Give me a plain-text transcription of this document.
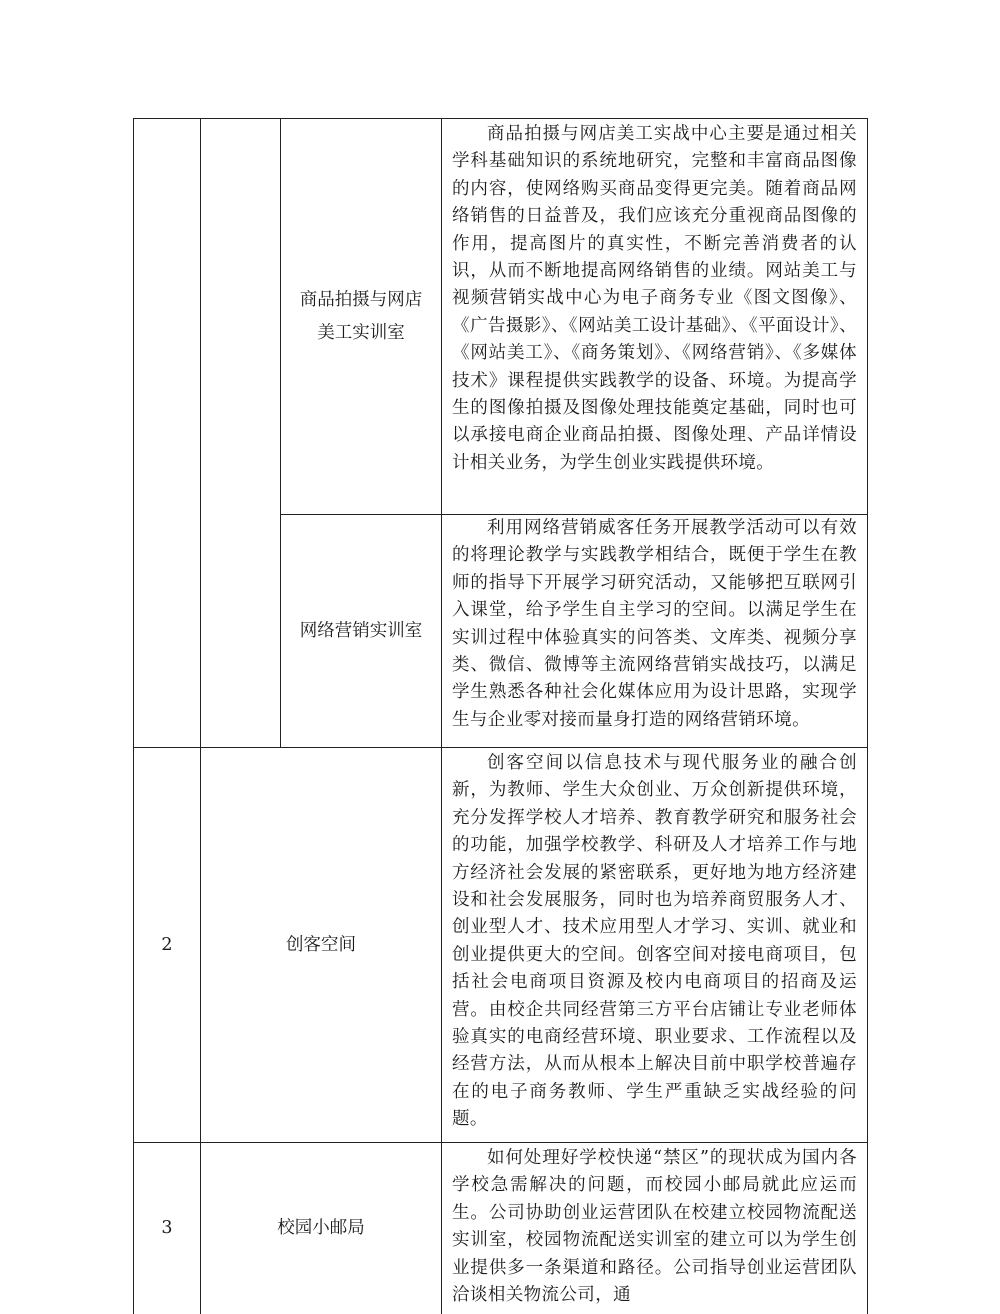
商品拍摄与网店
美工实训室

商品拍摄与网店美工实战中心主要是通过相关学科基础知识的系统地研究，完整和丰富商品图像的内容，使网络购买商品变得更完美。随着商品网络销售的日益普及，我们应该充分重视商品图像的作用，提高图片的真实性，不断完善消费者的认识，从而不断地提高网络销售的业绩。网站美工与视频营销实战中心为电子商务专业《图文图像》、《广告摄影》、《网站美工设计基础》、《平面设计》、《网站美工》、《商务策划》、《网络营销》、《多媒体技术》课程提供实践教学的设备、环境。为提高学生的图像拍摄及图像处理技能奠定基础，同时也可以承接电商企业商品拍摄、图像处理、产品详情设计相关业务，为学生创业实践提供环境。

网络营销实训室

利用网络营销威客任务开展教学活动可以有效的将理论教学与实践教学相结合，既便于学生在教师的指导下开展学习研究活动，又能够把互联网引入课堂，给予学生自主学习的空间。以满足学生在实训过程中体验真实的问答类、文库类、视频分享类、微信、微博等主流网络营销实战技巧，以满足学生熟悉各种社会化媒体应用为设计思路，实现学生与企业零对接而量身打造的网络营销环境。

2	创客空间

创客空间以信息技术与现代服务业的融合创新，为教师、学生大众创业、万众创新提供环境，充分发挥学校人才培养、教育教学研究和服务社会的功能，加强学校教学、科研及人才培养工作与地方经济社会发展的紧密联系，更好地为地方经济建设和社会发展服务，同时也为培养商贸服务人才、创业型人才、技术应用型人才学习、实训、就业和创业提供更大的空间。创客空间对接电商项目，包括社会电商项目资源及校内电商项目的招商及运营。由校企共同经营第三方平台店铺让专业老师体验真实的电商经营环境、职业要求、工作流程以及经营方法，从而从根本上解决目前中职学校普遍存在的电子商务教师、学生严重缺乏实战经验的问题。

3	校园小邮局

如何处理好学校快递“禁区”的现状成为国内各学校急需解决的问题，而校园小邮局就此应运而生。公司协助创业运营团队在校建立校园物流配送实训室，校园物流配送实训室的建立可以为学生创业提供多一条渠道和路径。公司指导创业运营团队洽谈相关物流公司，通
